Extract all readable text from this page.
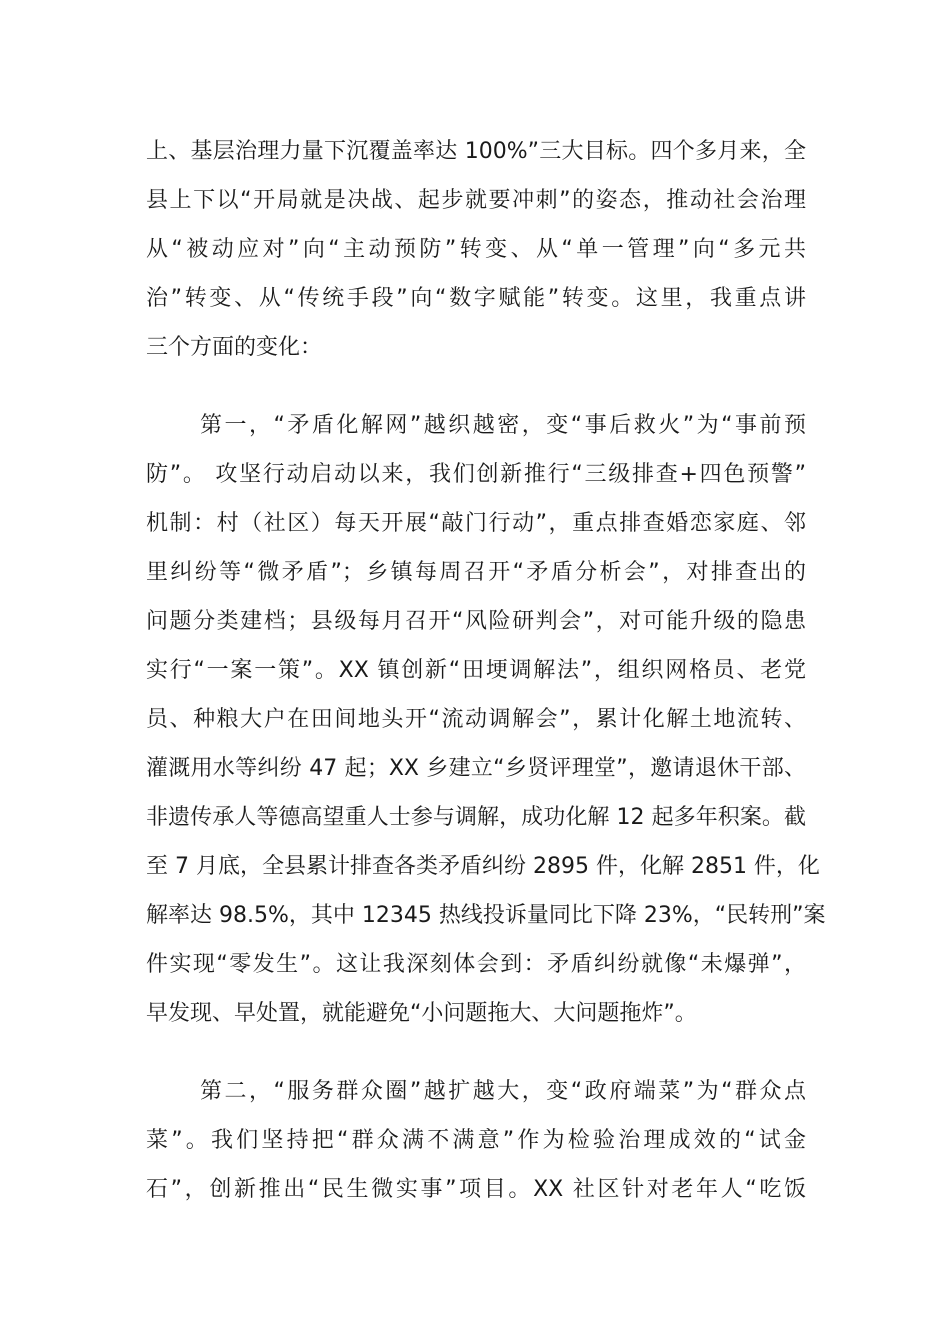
上、基层治理力量下沉覆盖率达 100%”三大目标。四个多月来，全
县上下以“开局就是决战、起步就要冲刺”的姿态，推动社会治理
从“被动应对”向“主动预防”转变、从“单一管理”向“多元共
治”转变、从“传统手段”向“数字赋能”转变。这里，我重点讲
三个方面的变化：
第一，“矛盾化解网”越织越密，变“事后救火”为“事前预
防”。 攻坚行动启动以来，我们创新推行“三级排查+四色预警”
机制：村（社区）每天开展“敲门行动”，重点排查婚恋家庭、邻
里纠纷等“微矛盾”；乡镇每周召开“矛盾分析会”，对排查出的
问题分类建档；县级每月召开“风险研判会”，对可能升级的隐患
实行“一案一策”。XX 镇创新“田埂调解法”，组织网格员、老党
员、种粮大户在田间地头开“流动调解会”，累计化解土地流转、
灌溉用水等纠纷 47 起；XX 乡建立“乡贤评理堂”，邀请退休干部、
非遗传承人等德高望重人士参与调解，成功化解 12 起多年积案。截
至 7 月底，全县累计排查各类矛盾纠纷 2895 件，化解 2851 件，化
解率达 98.5%，其中 12345 热线投诉量同比下降 23%，“民转刑”案
件实现“零发生”。这让我深刻体会到：矛盾纠纷就像“未爆弹”，
早发现、早处置，就能避免“小问题拖大、大问题拖炸”。
第二，“服务群众圈”越扩越大，变“政府端菜”为“群众点
菜”。我们坚持把“群众满不满意”作为检验治理成效的“试金
石”，创新推出“民生微实事”项目。XX 社区针对老年人“吃饭
